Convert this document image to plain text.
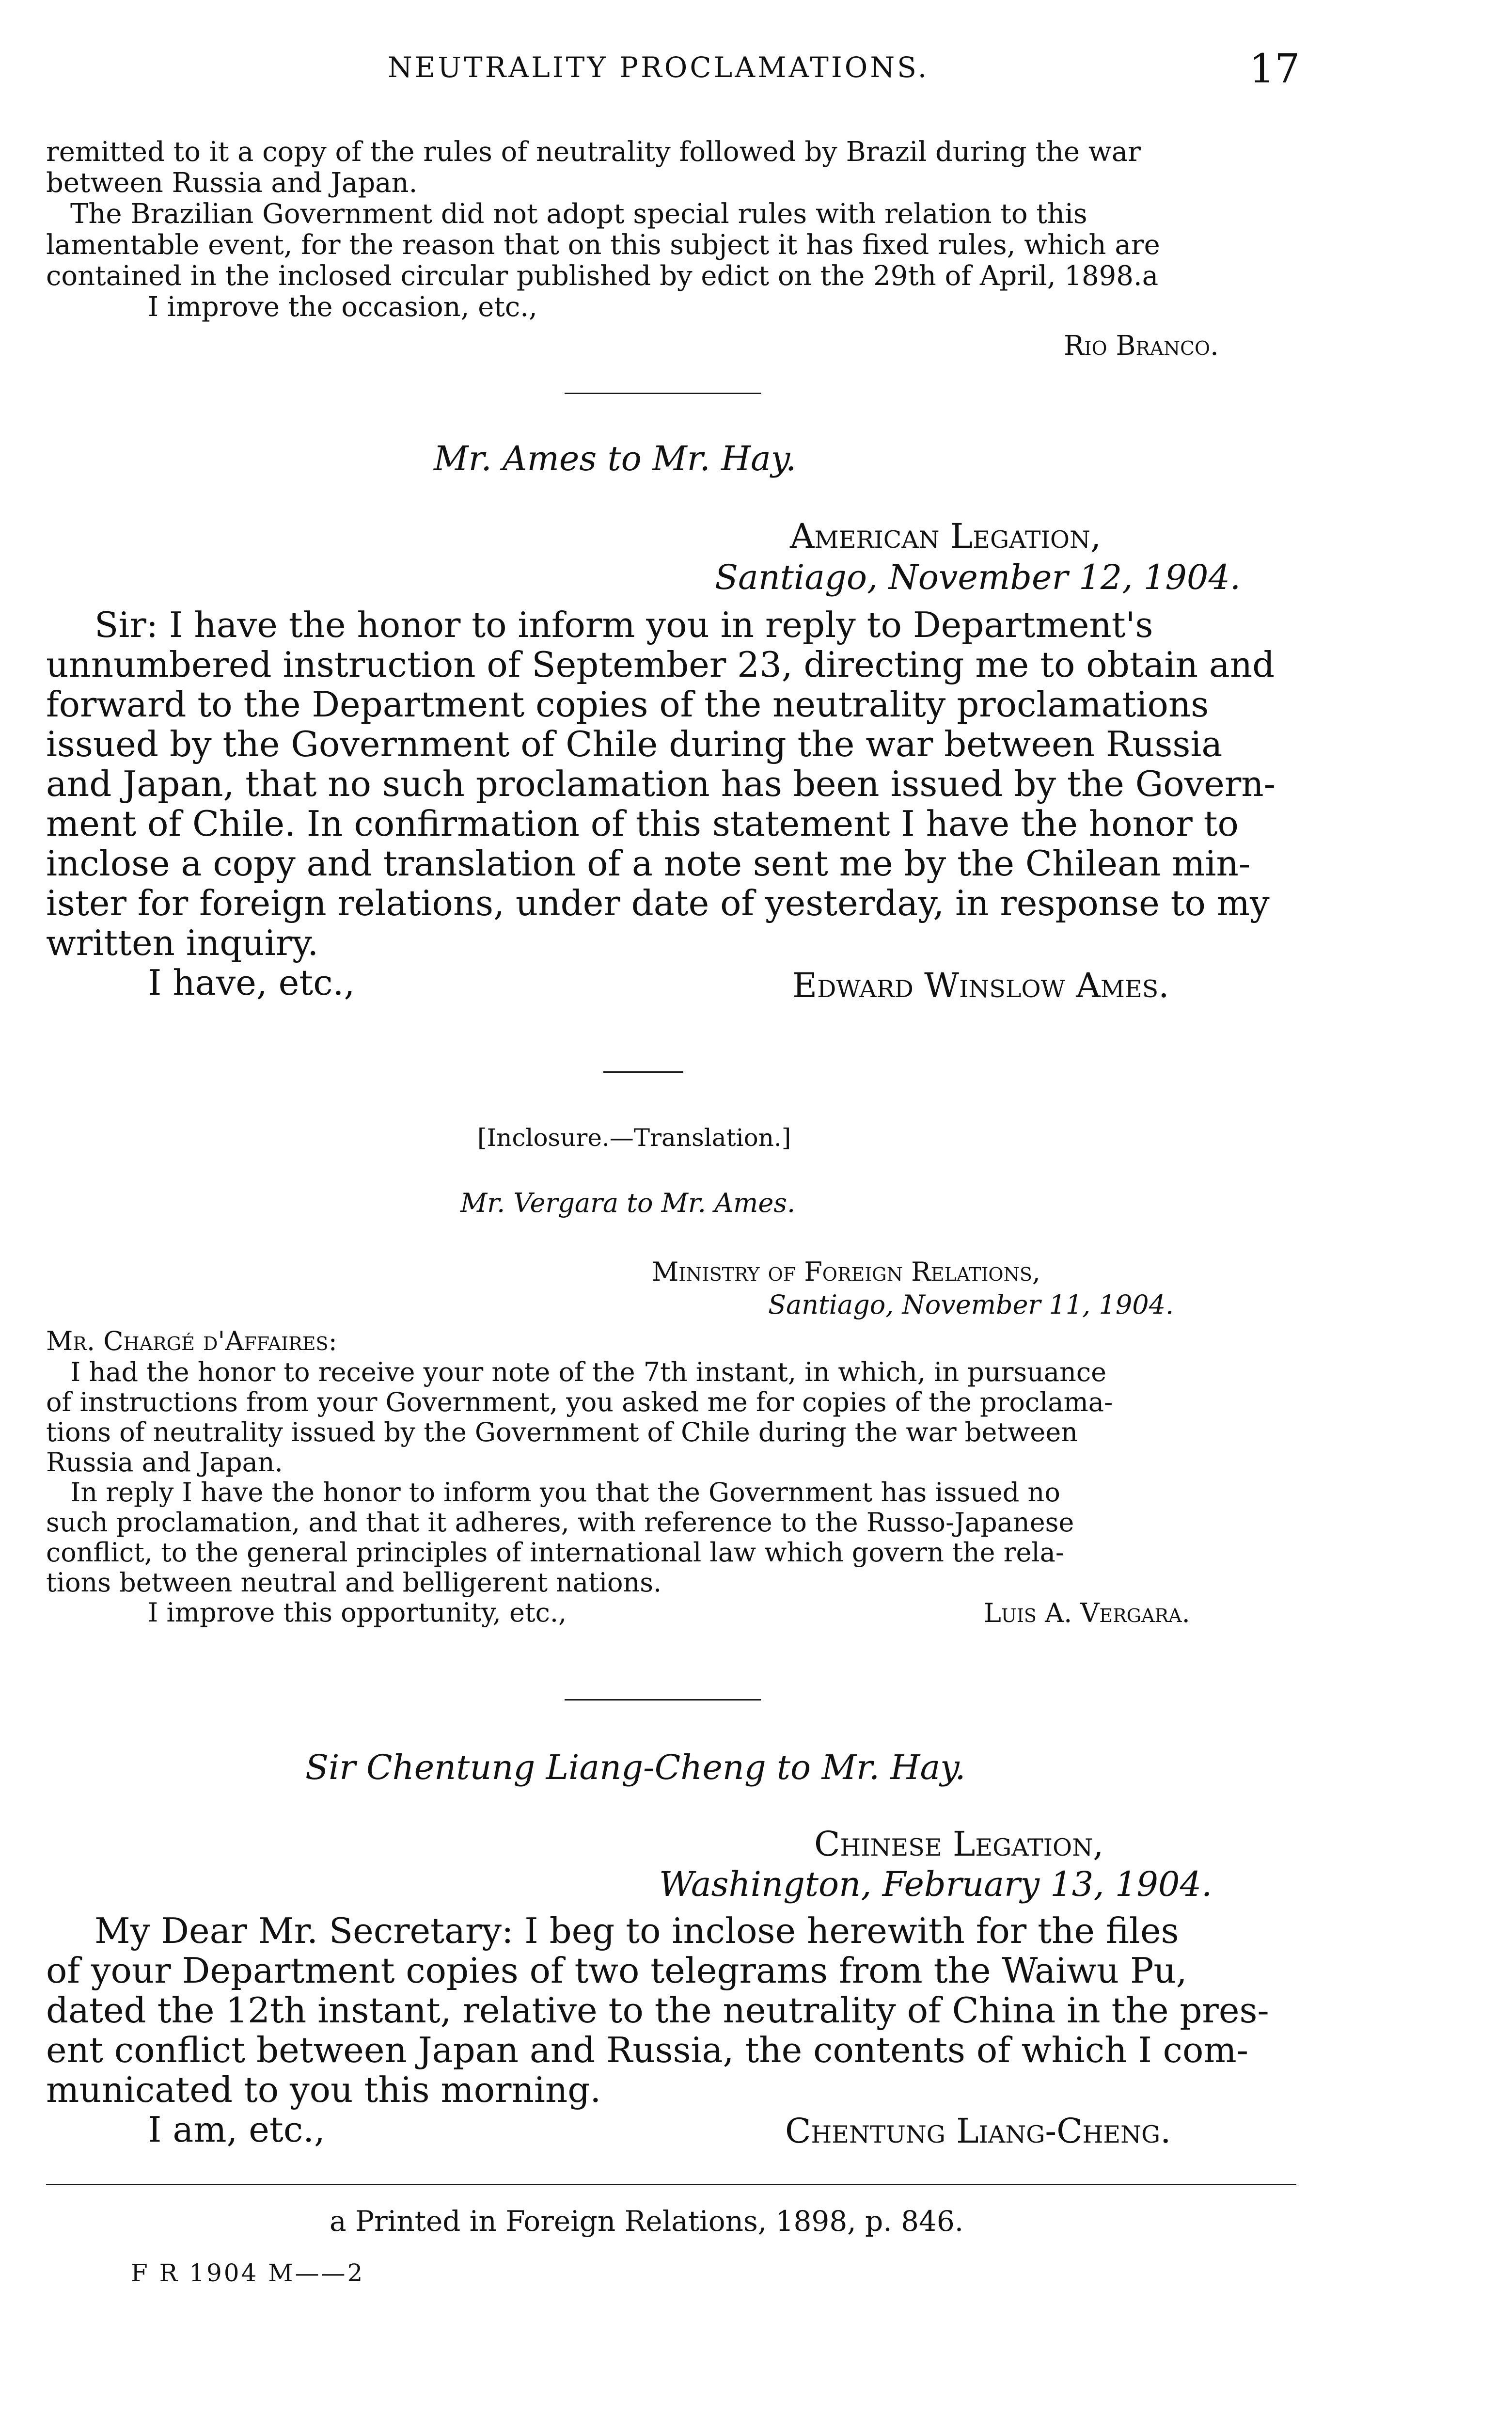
NEUTRALITY PROCLAMATIONS.	17

remitted to it a copy of the rules of neutrality followed by Brazil during the war

between Russia and Japan.

The Brazilian Government did not adopt special rules with relation to this

lamentable event, for the reason that on this subject it has fixed rules, which are

contained in the inclosed circular published by edict on the 29th of April, 1898.a

I improve the occasion, etc.,

Rio Branco.
Mr. Ames to Mr. Hay.
American Legation,
Santiago, November 12, 1904.

Sir: I have the honor to inform you in reply to Department's

unnumbered instruction of September 23, directing me to obtain and

forward to the Department copies of the neutrality proclamations

issued by the Government of Chile during the war between Russia

and Japan, that no such proclamation has been issued by the Govern-

ment of Chile. In confirmation of this statement I have the honor to

inclose a copy and translation of a note sent me by the Chilean min-

ister for foreign relations, under date of yesterday, in response to my

written inquiry.

I have, etc.,	Edward Winslow Ames.
[Inclosure.—Translation.]
Mr. Vergara to Mr. Ames.
Ministry of Foreign Relations,
Santiago, November 11, 1904.
Mr. Chargé d'Affaires:

I had the honor to receive your note of the 7th instant, in which, in pursuance

of instructions from your Government, you asked me for copies of the proclama-

tions of neutrality issued by the Government of Chile during the war between

Russia and Japan.

In reply I have the honor to inform you that the Government has issued no

such proclamation, and that it adheres, with reference to the Russo-Japanese

conflict, to the general principles of international law which govern the rela-

tions between neutral and belligerent nations.

I improve this opportunity, etc.,	Luis A. Vergara.
Sir Chentung Liang-Cheng to Mr. Hay.
Chinese Legation,
Washington, February 13, 1904.

My Dear Mr. Secretary: I beg to inclose herewith for the files

of your Department copies of two telegrams from the Waiwu Pu,

dated the 12th instant, relative to the neutrality of China in the pres-

ent conflict between Japan and Russia, the contents of which I com-

municated to you this morning.

I am, etc.,	Chentung Liang-Cheng.
a Printed in Foreign Relations, 1898, p. 846.
F R 1904 M——2
